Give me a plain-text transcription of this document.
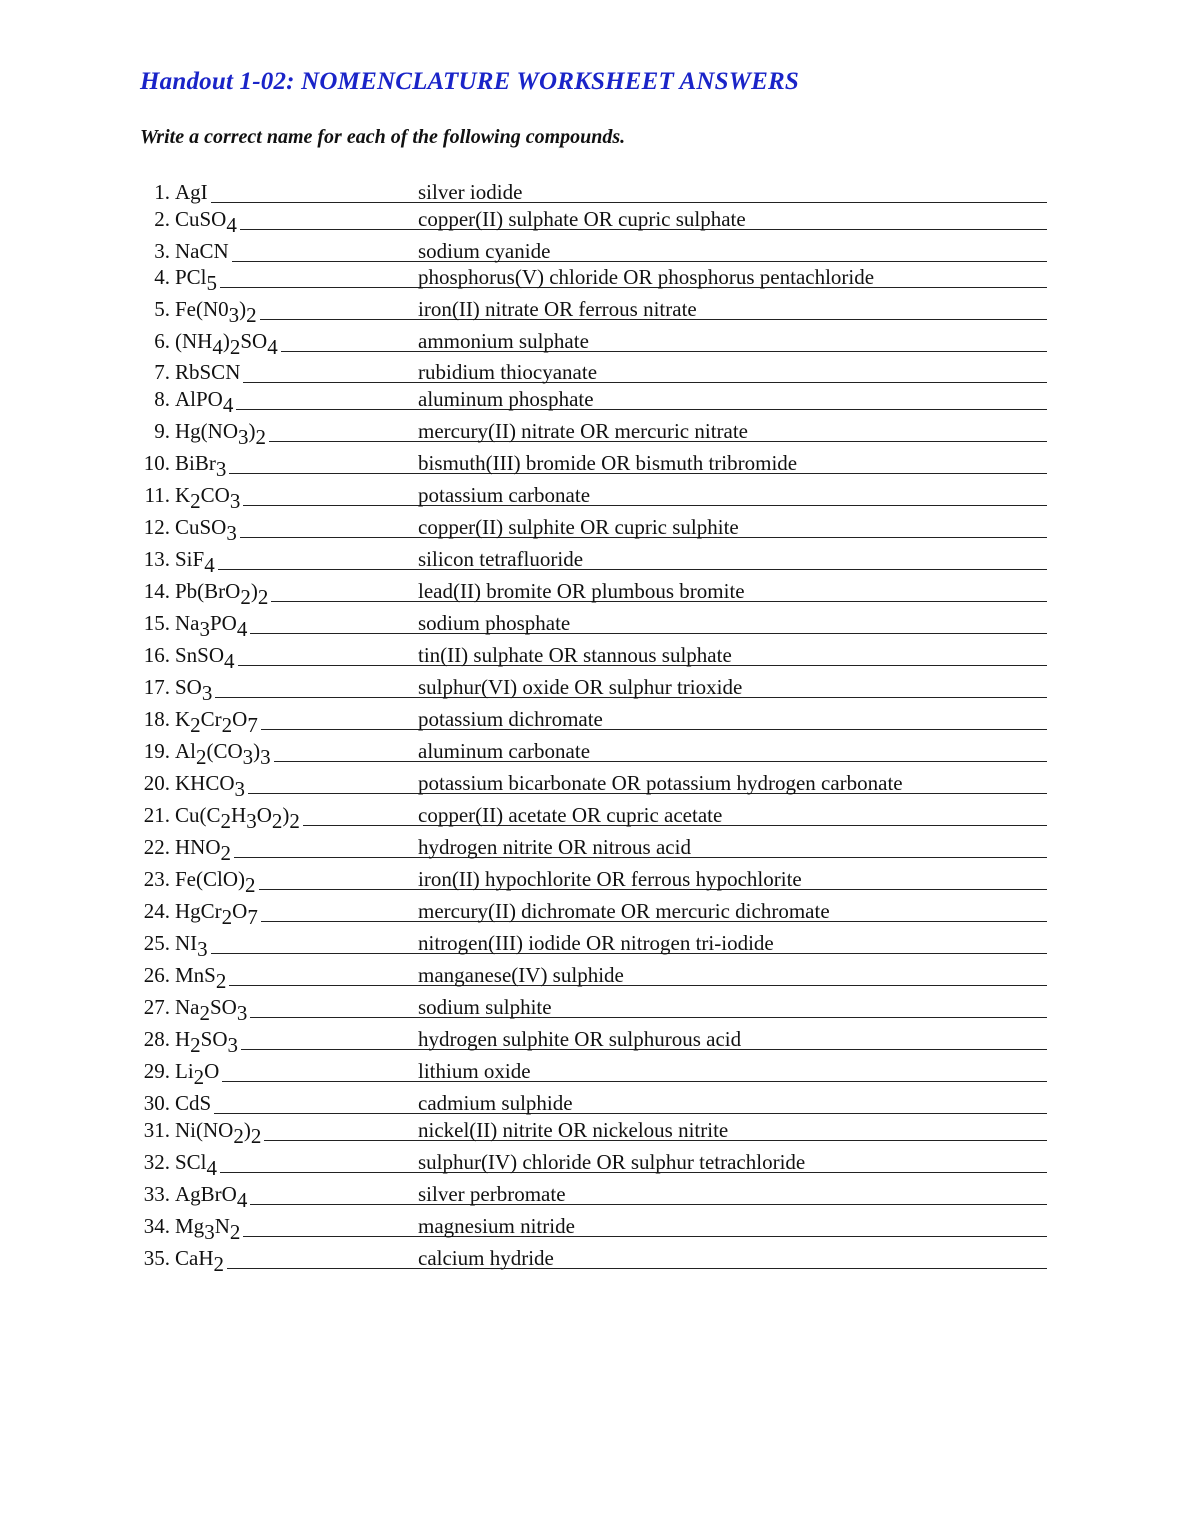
Handout 1-02: NOMENCLATURE WORKSHEET ANSWERS
Write a correct name for each of the following compounds.
1. AgI	silver iodide
2. CuSO$_4$	copper(II) sulphate OR cupric sulphate
3. NaCN	sodium cyanide
4. PCl$_5$	phosphorus(V) chloride OR phosphorus pentachloride
5. $Fe(N0_3)_2$	iron(II) nitrate OR ferrous nitrate
6. $(NH_4)_2SO_4$	ammonium sulphate
7. RbSCN	rubidium thiocyanate
8. AlPO$_4$	aluminum phosphate
9. $Hg(NO_3)_2$	mercury(II) nitrate OR mercuric nitrate
10. BiBr$_3$	bismuth(III) bromide OR bismuth tribromide
11. $K_2CO_3$	potassium carbonate
12. CuSO$_3$	copper(II) sulphite OR cupric sulphite
13. SiF$_4$	silicon tetrafluoride
14. $Pb(BrO_2)_2$	lead(II) bromite OR plumbous bromite
15. $Na_3PO_4$	sodium phosphate
16. SnSO$_4$	tin(II) sulphate OR stannous sulphate
17. $SO_3$	sulphur(VI) oxide OR sulphur trioxide
18. $K_2Cr_2O_7$	potassium dichromate
19. $Al_2(CO_3)_3$	aluminum carbonate
20. $KHCO_3$	potassium bicarbonate OR potassium hydrogen carbonate
21. $Cu(C_2H_3O_2)_2$	copper(II) acetate OR cupric acetate
22. $HNO_2$	hydrogen nitrite OR nitrous acid
23. $Fe(ClO)_2$	iron(II) hypochlorite OR ferrous hypochlorite
24. $HgCr_2O_7$	mercury(II) dichromate OR mercuric dichromate
25. $NI_3$	nitrogen(III) iodide OR nitrogen tri-iodide
26. MnS$_2$	manganese(IV) sulphide
27. $Na_2SO_3$	sodium sulphite
28. $H_2SO_3$	hydrogen sulphite OR sulphurous acid
29. $Li_2O$	lithium oxide
30. CdS	cadmium sulphide
31. $Ni(NO_2)_2$	nickel(II) nitrite OR nickelous nitrite
32. SCl$_4$	sulphur(IV) chloride OR sulphur tetrachloride
33. AgBrO$_4$	silver perbromate
34. $Mg_3N_2$	magnesium nitride
35. CaH$_2$	calcium hydride
